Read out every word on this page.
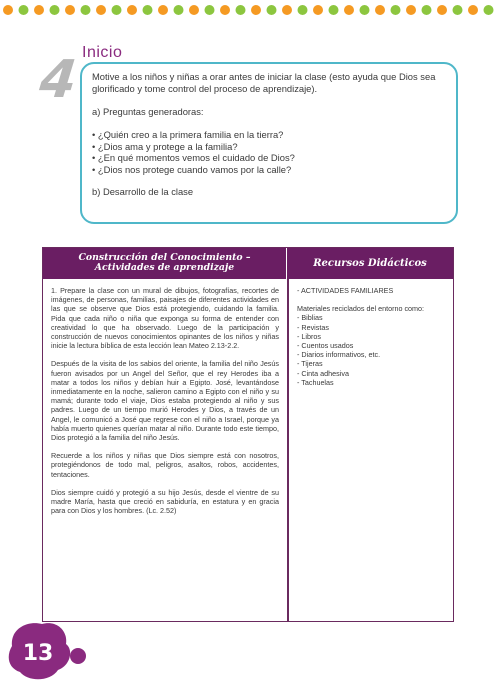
4 Inicio

Motive a los niños y niñas a orar antes de iniciar la clase (esto ayuda que Dios sea glorificado y tome control del proceso de aprendizaje).

a) Preguntas generadoras:

• ¿Quién creo a la primera familia en la tierra?
• ¿Dios ama y protege a la familia?
• ¿En qué momentos vemos el cuidado de Dios?
• ¿Dios nos protege cuando vamos por la calle?

b) Desarrollo de la clase

Construcción del Conocimiento –
Actividades de aprendizaje	Recursos Didácticos

1. Prepare la clase con un mural de dibujos, fotografías, recortes de imágenes, de personas, familias, paisajes de diferentes actividades en las que se observe que Dios está protegiendo, cuidando la familia. Pida que cada niño o niña que exponga su forma de entender con creatividad lo que ha observado. Luego de la participación y construcción de nuevos conocimientos opinantes de los niños y niñas inicie la lectura bíblica de esta lección lean Mateo 2.13-2.2.

Después de la visita de los sabios del oriente, la familia del niño Jesús fueron avisados por un Angel del Señor, que el rey Herodes iba a matar a todos los niños y debían huir a Egipto. José, levantándose inmediatamente en la noche, salieron camino a Egipto con el niño y su mamá; durante todo el viaje, Dios estaba protegiendo al niño y sus padres. Luego de un tiempo murió Herodes y Dios, a través de un Angel, le comunicó a José que regrese con el niño a Israel, porque ya había muerto quienes querían matar al niño. Durante todo este tiempo, Dios protegió a la familia del niño Jesús.

Recuerde a los niños y niñas que Dios siempre está con nosotros, protegiéndonos de todo mal, peligros, asaltos, robos, accidentes, tentaciones.

Dios siempre cuidó y protegió a su hijo Jesús, desde el vientre de su madre María, hasta que creció en sabiduría, en estatura y en gracia para con Dios y los hombres. (Lc. 2.52)

- ACTIVIDADES FAMILIARES

Materiales reciclados del entorno como:
- Biblias
- Revistas
- Libros
- Cuentos usados
- Diarios informativos, etc.
- Tijeras
- Cinta adhesiva
- Tachuelas
13
